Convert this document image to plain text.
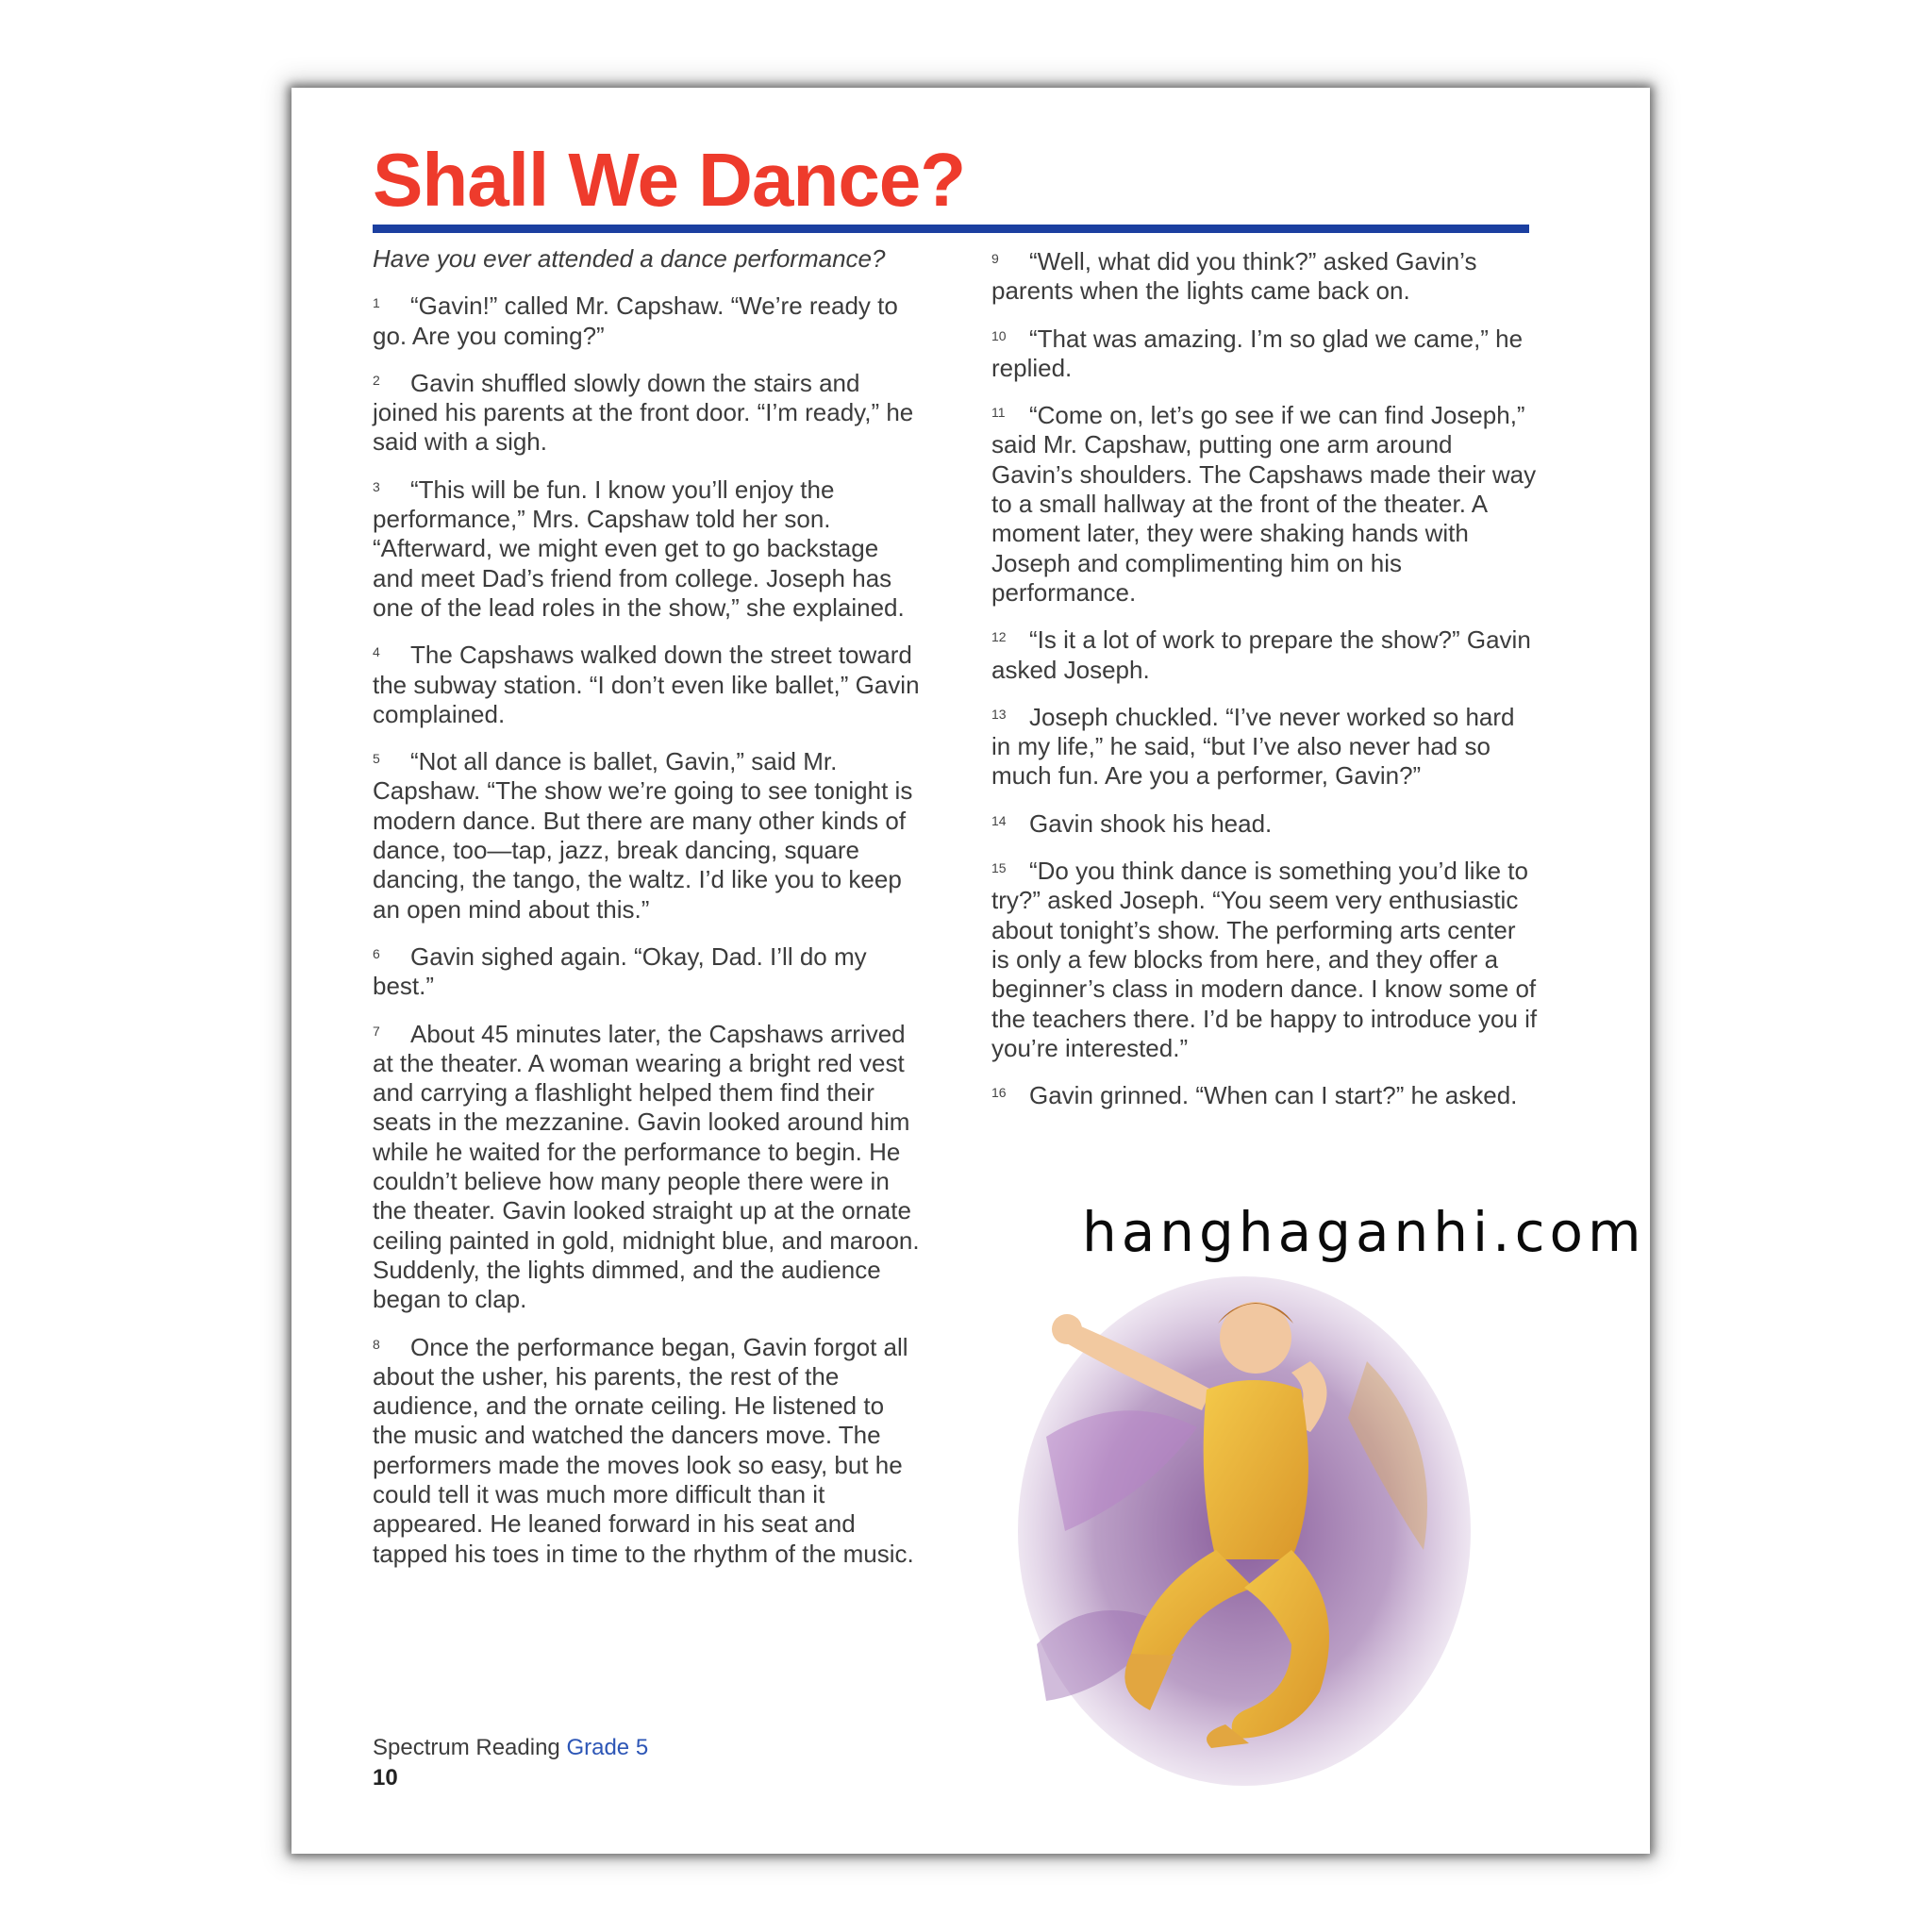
Shall We Dance?

Have you ever attended a dance performance?

1 “Gavin!” called Mr. Capshaw. “We’re ready to go. Are you coming?”

2 Gavin shuffled slowly down the stairs and joined his parents at the front door. “I’m ready,” he said with a sigh.

3 “This will be fun. I know you’ll enjoy the performance,” Mrs. Capshaw told her son. “Afterward, we might even get to go backstage and meet Dad’s friend from college. Joseph has one of the lead roles in the show,” she explained.

4 The Capshaws walked down the street toward the subway station. “I don’t even like ballet,” Gavin complained.

5 “Not all dance is ballet, Gavin,” said Mr. Capshaw. “The show we’re going to see tonight is modern dance. But there are many other kinds of dance, too—tap, jazz, break dancing, square dancing, the tango, the waltz. I’d like you to keep an open mind about this.”

6 Gavin sighed again. “Okay, Dad. I’ll do my best.”

7 About 45 minutes later, the Capshaws arrived at the theater. A woman wearing a bright red vest and carrying a flashlight helped them find their seats in the mezzanine. Gavin looked around him while he waited for the performance to begin. He couldn’t believe how many people there were in the theater. Gavin looked straight up at the ornate ceiling painted in gold, midnight blue, and maroon. Suddenly, the lights dimmed, and the audience began to clap.

8 Once the performance began, Gavin forgot all about the usher, his parents, the rest of the audience, and the ornate ceiling. He listened to the music and watched the dancers move. The performers made the moves look so easy, but he could tell it was much more difficult than it appeared. He leaned forward in his seat and tapped his toes in time to the rhythm of the music.

9 “Well, what did you think?” asked Gavin’s parents when the lights came back on.

10 “That was amazing. I’m so glad we came,” he replied.

11 “Come on, let’s go see if we can find Joseph,” said Mr. Capshaw, putting one arm around Gavin’s shoulders. The Capshaws made their way to a small hallway at the front of the theater. A moment later, they were shaking hands with Joseph and complimenting him on his performance.

12 “Is it a lot of work to prepare the show?” Gavin asked Joseph.

13 Joseph chuckled. “I’ve never worked so hard in my life,” he said, “but I’ve also never had so much fun. Are you a performer, Gavin?”

14 Gavin shook his head.

15 “Do you think dance is something you’d like to try?” asked Joseph. “You seem very enthusiastic about tonight’s show. The performing arts center is only a few blocks from here, and they offer a beginner’s class in modern dance. I know some of the teachers there. I’d be happy to introduce you if you’re interested.”

16 Gavin grinned. “When can I start?” he asked.

Spectrum Reading Grade 5
10
hanghaganhi.com
